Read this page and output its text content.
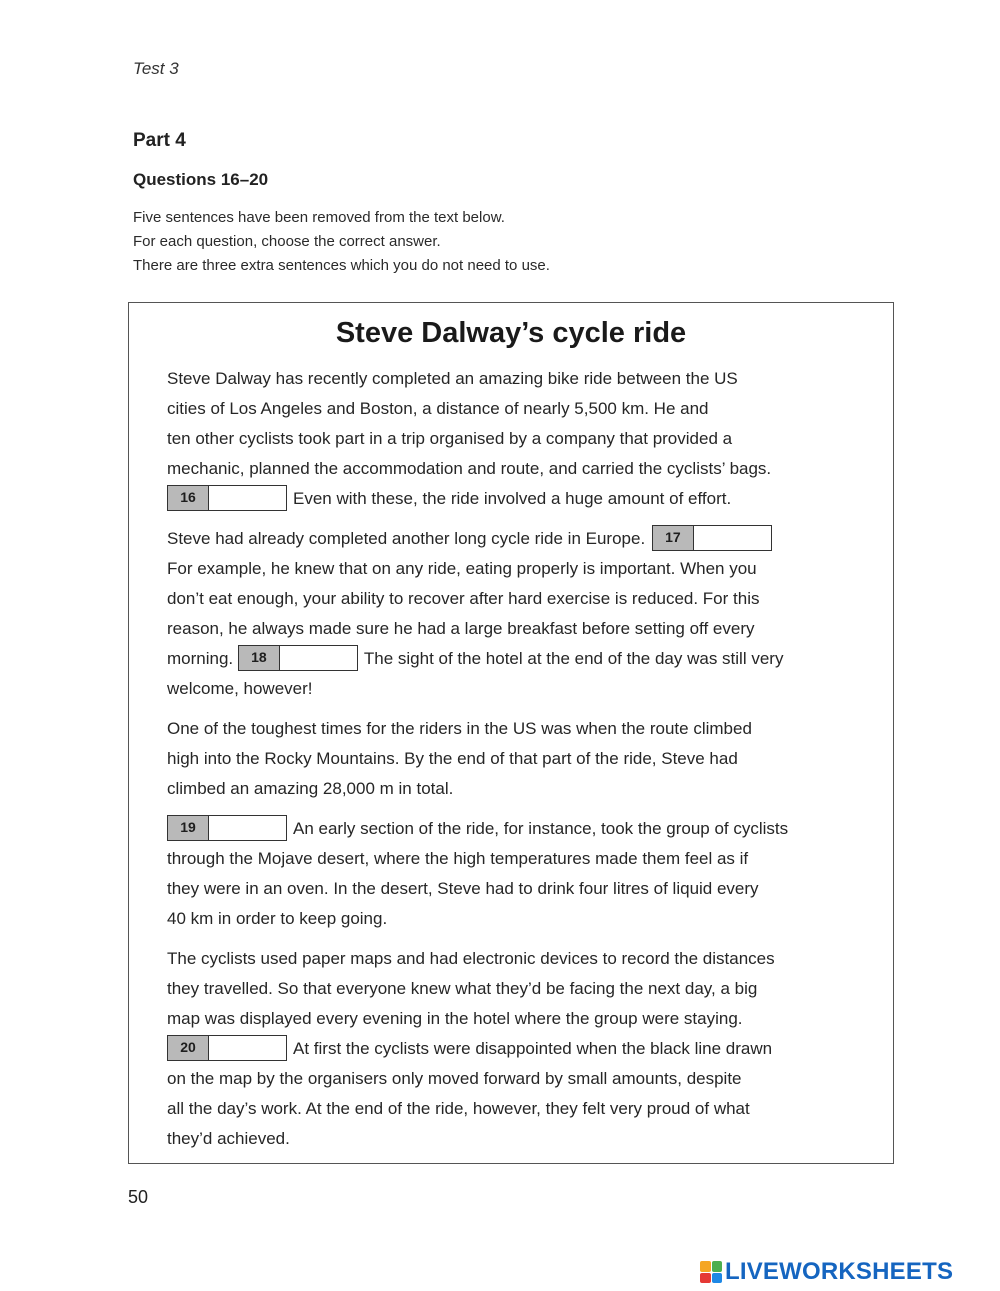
Test 3
Part 4
Questions 16–20
Five sentences have been removed from the text below.
For each question, choose the correct answer.
There are three extra sentences which you do not need to use.
Steve Dalway’s cycle ride
Steve Dalway has recently completed an amazing bike ride between the US
cities of Los Angeles and Boston, a distance of nearly 5,500 km. He and
ten other cyclists took part in a trip organised by a company that provided a
mechanic, planned the accommodation and route, and carried the cyclists’ bags.
16	Even with these, the ride involved a huge amount of effort.
Steve had already completed another long cycle ride in Europe.	17
For example, he knew that on any ride, eating properly is important. When you
don’t eat enough, your ability to recover after hard exercise is reduced. For this
reason, he always made sure he had a large breakfast before setting off every
morning.	18	The sight of the hotel at the end of the day was still very
welcome, however!
One of the toughest times for the riders in the US was when the route climbed
high into the Rocky Mountains. By the end of that part of the ride, Steve had
climbed an amazing 28,000 m in total.
19	An early section of the ride, for instance, took the group of cyclists
through the Mojave desert, where the high temperatures made them feel as if
they were in an oven. In the desert, Steve had to drink four litres of liquid every
40 km in order to keep going.
The cyclists used paper maps and had electronic devices to record the distances
they travelled. So that everyone knew what they’d be facing the next day, a big
map was displayed every evening in the hotel where the group were staying.
20	At first the cyclists were disappointed when the black line drawn
on the map by the organisers only moved forward by small amounts, despite
all the day’s work. At the end of the ride, however, they felt very proud of what
they’d achieved.
50
LIVEWORKSHEETS
